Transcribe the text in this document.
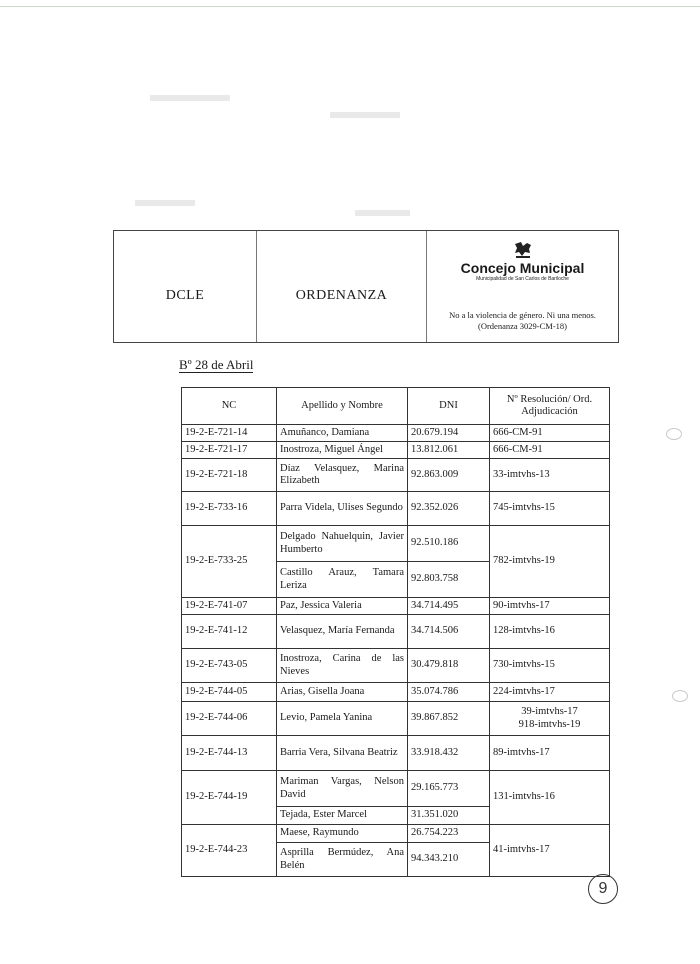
DCLE	ORDENANZA
Concejo Municipal
Municipalidad de San Carlos de Bariloche
No a la violencia de género. Ni una menos.
(Ordenanza 3029-CM-18)
Bº 28 de Abril
NC	Apellido y Nombre	DNI	Nº Resolución/ Ord. Adjudicación
19-2-E-721-14	Amuñanco, Damiana	20.679.194	666-CM-91
19-2-E-721-17	Inostroza, Miguel Ángel	13.812.061	666-CM-91
19-2-E-721-18	Díaz Velasquez, Marina Elizabeth	92.863.009	33-imtvhs-13
19-2-E-733-16	Parra Videla, Ulises Segundo	92.352.026	745-imtvhs-15
19-2-E-733-25	Delgado Nahuelquin, Javier Humberto	92.510.186	782-imtvhs-19
	Castillo Arauz, Tamara Leriza	92.803.758	
19-2-E-741-07	Paz, Jessica Valeria	34.714.495	90-imtvhs-17
19-2-E-741-12	Velasquez, María Fernanda	34.714.506	128-imtvhs-16
19-2-E-743-05	Inostroza, Carina de las Nieves	30.479.818	730-imtvhs-15
19-2-E-744-05	Arias, Gisella Joana	35.074.786	224-imtvhs-17
19-2-E-744-06	Levio, Pamela Yanina	39.867.852	39-imtvhs-17
918-imtvhs-19

19-2-E-744-13	Barria Vera, Silvana Beatriz	33.918.432	89-imtvhs-17
19-2-E-744-19	Mariman Vargas, Nelson David	29.165.773	131-imtvhs-16
	Tejada, Ester Marcel	31.351.020	
19-2-E-744-23	Maese, Raymundo	26.754.223	41-imtvhs-17
	Asprilla Bermúdez, Ana Belén	94.343.210	
9
